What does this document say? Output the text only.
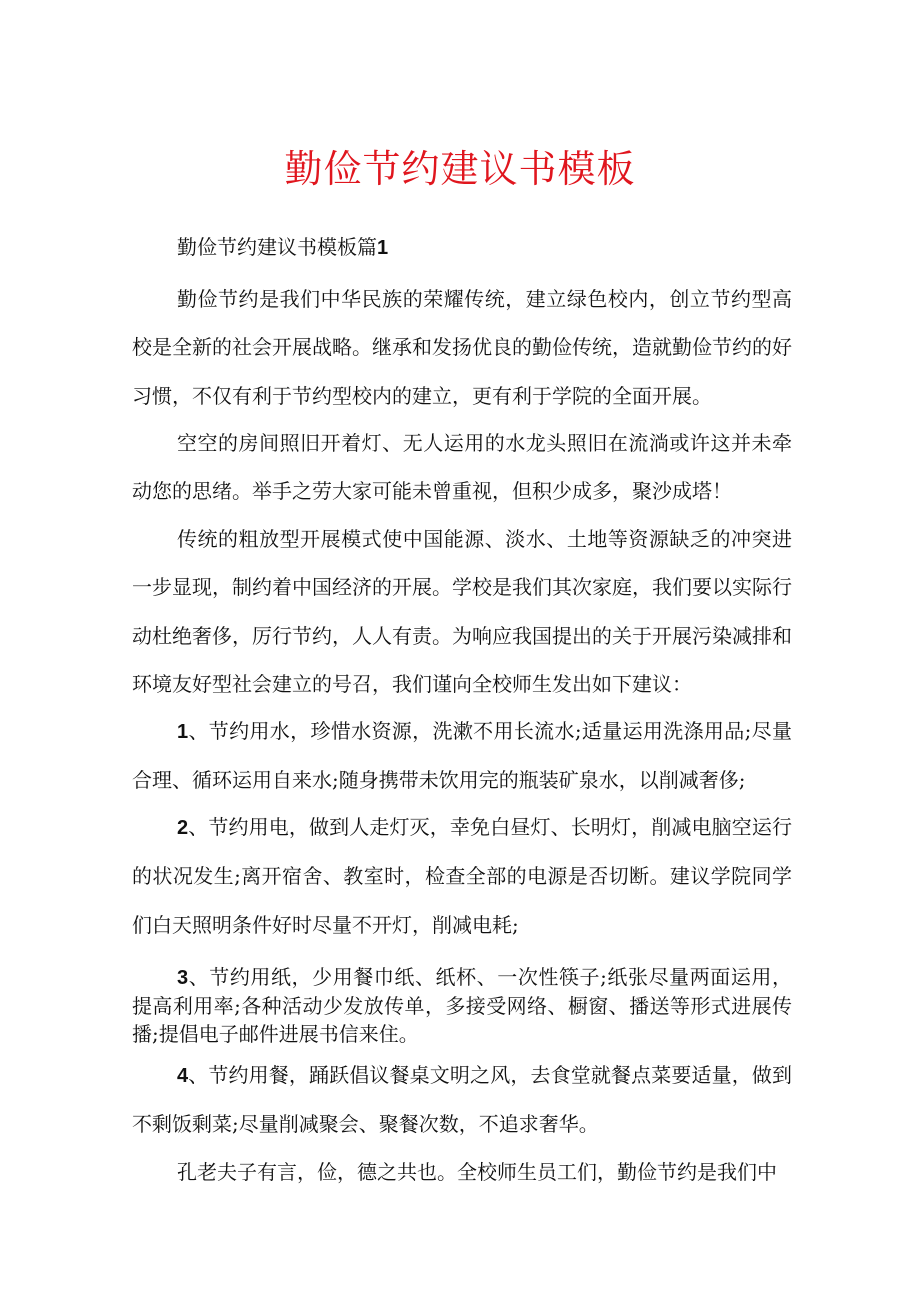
勤俭节约建议书模板
勤俭节约建议书模板篇1

勤俭节约是我们中华民族的荣耀传统，建立绿色校内，创立节约型高校是全新的社会开展战略。继承和发扬优良的勤俭传统，造就勤俭节约的好习惯，不仅有利于节约型校内的建立，更有利于学院的全面开展。

空空的房间照旧开着灯、无人运用的水龙头照旧在流淌或许这并未牵动您的思绪。举手之劳大家可能未曾重视，但积少成多，聚沙成塔！

传统的粗放型开展模式使中国能源、淡水、土地等资源缺乏的冲突进一步显现，制约着中国经济的开展。学校是我们其次家庭，我们要以实际行动杜绝奢侈，厉行节约，人人有责。为响应我国提出的关于开展污染减排和环境友好型社会建立的号召，我们谨向全校师生发出如下建议：

1、节约用水，珍惜水资源，洗漱不用长流水;适量运用洗涤用品;尽量合理、循环运用自来水;随身携带未饮用完的瓶装矿泉水，以削减奢侈;

2、节约用电，做到人走灯灭，幸免白昼灯、长明灯，削减电脑空运行的状况发生;离开宿舍、教室时，检查全部的电源是否切断。建议学院同学们白天照明条件好时尽量不开灯，削减电耗;

3、节约用纸，少用餐巾纸、纸杯、一次性筷子;纸张尽量两面运用，提高利用率;各种活动少发放传单，多接受网络、橱窗、播送等形式进展传播;提倡电子邮件进展书信来住。

4、节约用餐，踊跃倡议餐桌文明之风，去食堂就餐点菜要适量，做到不剩饭剩菜;尽量削减聚会、聚餐次数，不追求奢华。

孔老夫子有言，俭，德之共也。全校师生员工们，勤俭节约是我们中
